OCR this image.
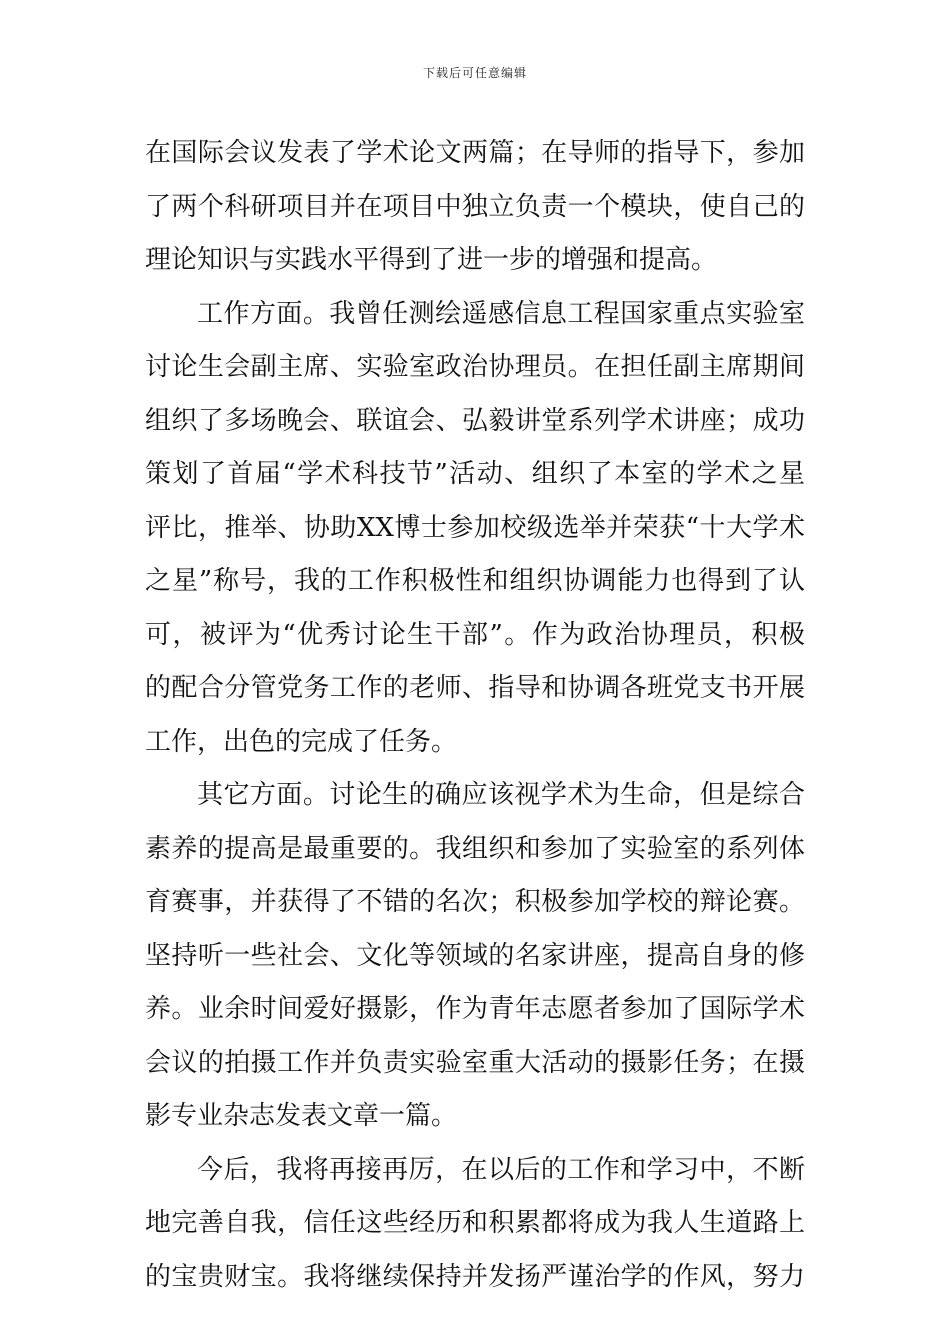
下载后可任意编辑
在国际会议发表了学术论文两篇；在导师的指导下，参加
了两个科研项目并在项目中独立负责一个模块，使自己的
理论知识与实践水平得到了进一步的增强和提高。
工作方面。我曾任测绘遥感信息工程国家重点实验室
讨论生会副主席、实验室政治协理员。在担任副主席期间
组织了多场晚会、联谊会、弘毅讲堂系列学术讲座；成功
策划了首届“学术科技节”活动、组织了本室的学术之星
评比，推举、协助XX博士参加校级选举并荣获“十大学术
之星”称号，我的工作积极性和组织协调能力也得到了认
可，被评为“优秀讨论生干部”。作为政治协理员，积极
的配合分管党务工作的老师、指导和协调各班党支书开展
工作，出色的完成了任务。
其它方面。讨论生的确应该视学术为生命，但是综合
素养的提高是最重要的。我组织和参加了实验室的系列体
育赛事，并获得了不错的名次；积极参加学校的辩论赛。
坚持听一些社会、文化等领域的名家讲座，提高自身的修
养。业余时间爱好摄影，作为青年志愿者参加了国际学术
会议的拍摄工作并负责实验室重大活动的摄影任务；在摄
影专业杂志发表文章一篇。
今后，我将再接再厉，在以后的工作和学习中，不断
地完善自我，信任这些经历和积累都将成为我人生道路上
的宝贵财宝。我将继续保持并发扬严谨治学的作风，努力
